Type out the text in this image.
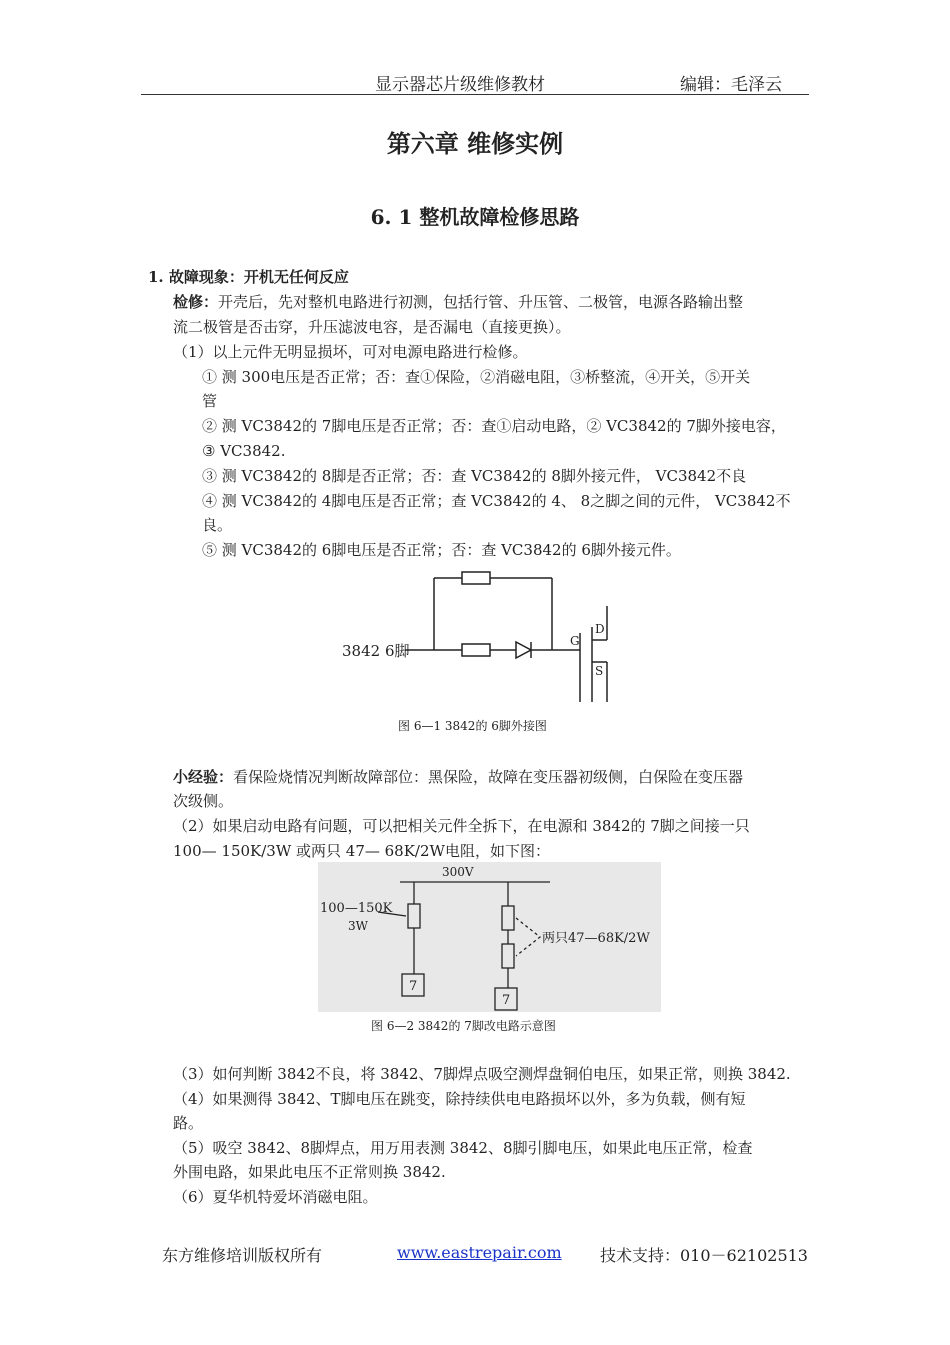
显示器芯片级维修教材	编辑：毛泽云
第六章 维修实例
6. 1 整机故障检修思路
1. 故障现象：开机无任何反应
检修：开壳后，先对整机电路进行初测，包括行管、升压管、二极管，电源各路输出整
流二极管是否击穿，升压滤波电容，是否漏电（直接更换）。
（1）以上元件无明显损坏，可对电源电路进行检修。
① 测 300电压是否正常；否：查①保险，②消磁电阻，③桥整流，④开关，⑤开关
管
② 测 VC3842的 7脚电压是否正常；否：查①启动电路，② VC3842的 7脚外接电容，
③ VC3842.
③ 测 VC3842的 8脚是否正常；否：查 VC3842的 8脚外接元件， VC3842不良
④ 测 VC3842的 4脚电压是否正常；查 VC3842的 4、 8之脚之间的元件， VC3842不
良。
⑤ 测 VC3842的 6脚电压是否正常；否：查 VC3842的 6脚外接元件。
3842 6脚
G
D
S
图 6—1 3842的 6脚外接图
小经验：看保险烧情况判断故障部位：黑保险，故障在变压器初级侧，白保险在变压器
次级侧。
（2）如果启动电路有问题，可以把相关元件全拆下，在电源和 3842的 7脚之间接一只
100— 150K/3W 或两只 47— 68K/2W电阻，如下图：
300V
100—150K
3W
7
7
两只47—68K/2W
图 6—2 3842的 7脚改电路示意图
（3）如何判断 3842不良，将 3842、7脚焊点吸空测焊盘铜伯电压，如果正常，则换 3842.
（4）如果测得 3842、T脚电压在跳变，除持续供电电路损坏以外，多为负载，侧有短
路。
（5）吸空 3842、8脚焊点，用万用表测 3842、8脚引脚电压，如果此电压正常，检查
外围电路，如果此电压不正常则换 3842.
（6）夏华机特爱坏消磁电阻。
东方维修培训版权所有	www.eastrepair.com 技术支持：010－62102513
